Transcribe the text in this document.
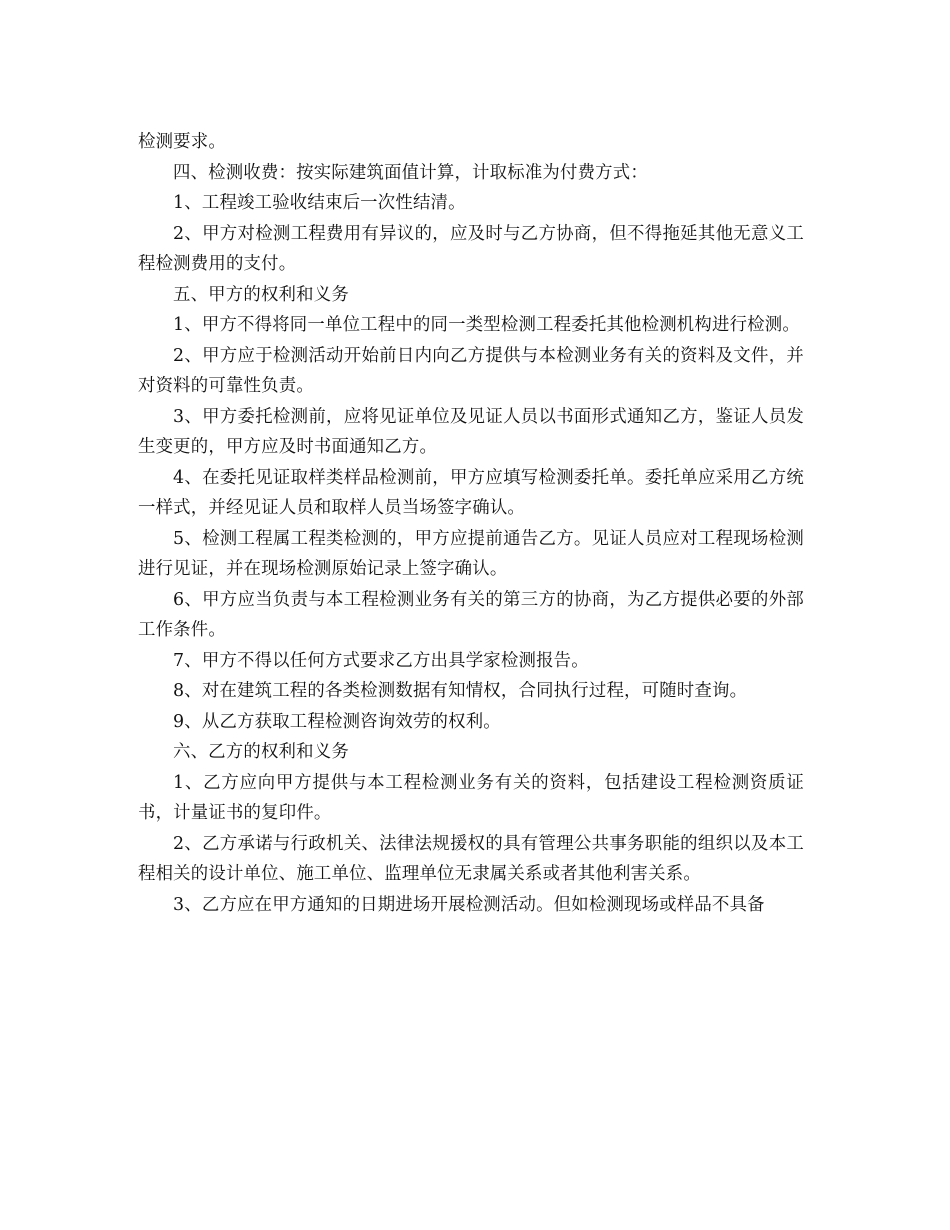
检测要求。

四、检测收费：按实际建筑面值计算，计取标准为付费方式：

1、工程竣工验收结束后一次性结清。

2、甲方对检测工程费用有异议的，应及时与乙方协商，但不得拖延其他无意义工程检测费用的支付。

五、甲方的权利和义务

1、甲方不得将同一单位工程中的同一类型检测工程委托其他检测机构进行检测。

2、甲方应于检测活动开始前日内向乙方提供与本检测业务有关的资料及文件，并对资料的可靠性负责。

3、甲方委托检测前，应将见证单位及见证人员以书面形式通知乙方，鉴证人员发生变更的，甲方应及时书面通知乙方。

4、在委托见证取样类样品检测前，甲方应填写检测委托单。委托单应采用乙方统一样式，并经见证人员和取样人员当场签字确认。

5、检测工程属工程类检测的，甲方应提前通告乙方。见证人员应对工程现场检测进行见证，并在现场检测原始记录上签字确认。

6、甲方应当负责与本工程检测业务有关的第三方的协商，为乙方提供必要的外部工作条件。

7、甲方不得以任何方式要求乙方出具学家检测报告。

8、对在建筑工程的各类检测数据有知情权，合同执行过程，可随时查询。

9、从乙方获取工程检测咨询效劳的权利。

六、乙方的权利和义务

1、乙方应向甲方提供与本工程检测业务有关的资料，包括建设工程检测资质证书，计量证书的复印件。

2、乙方承诺与行政机关、法律法规援权的具有管理公共事务职能的组织以及本工程相关的设计单位、施工单位、监理单位无隶属关系或者其他利害关系。

3、乙方应在甲方通知的日期进场开展检测活动。但如检测现场或样品不具备
